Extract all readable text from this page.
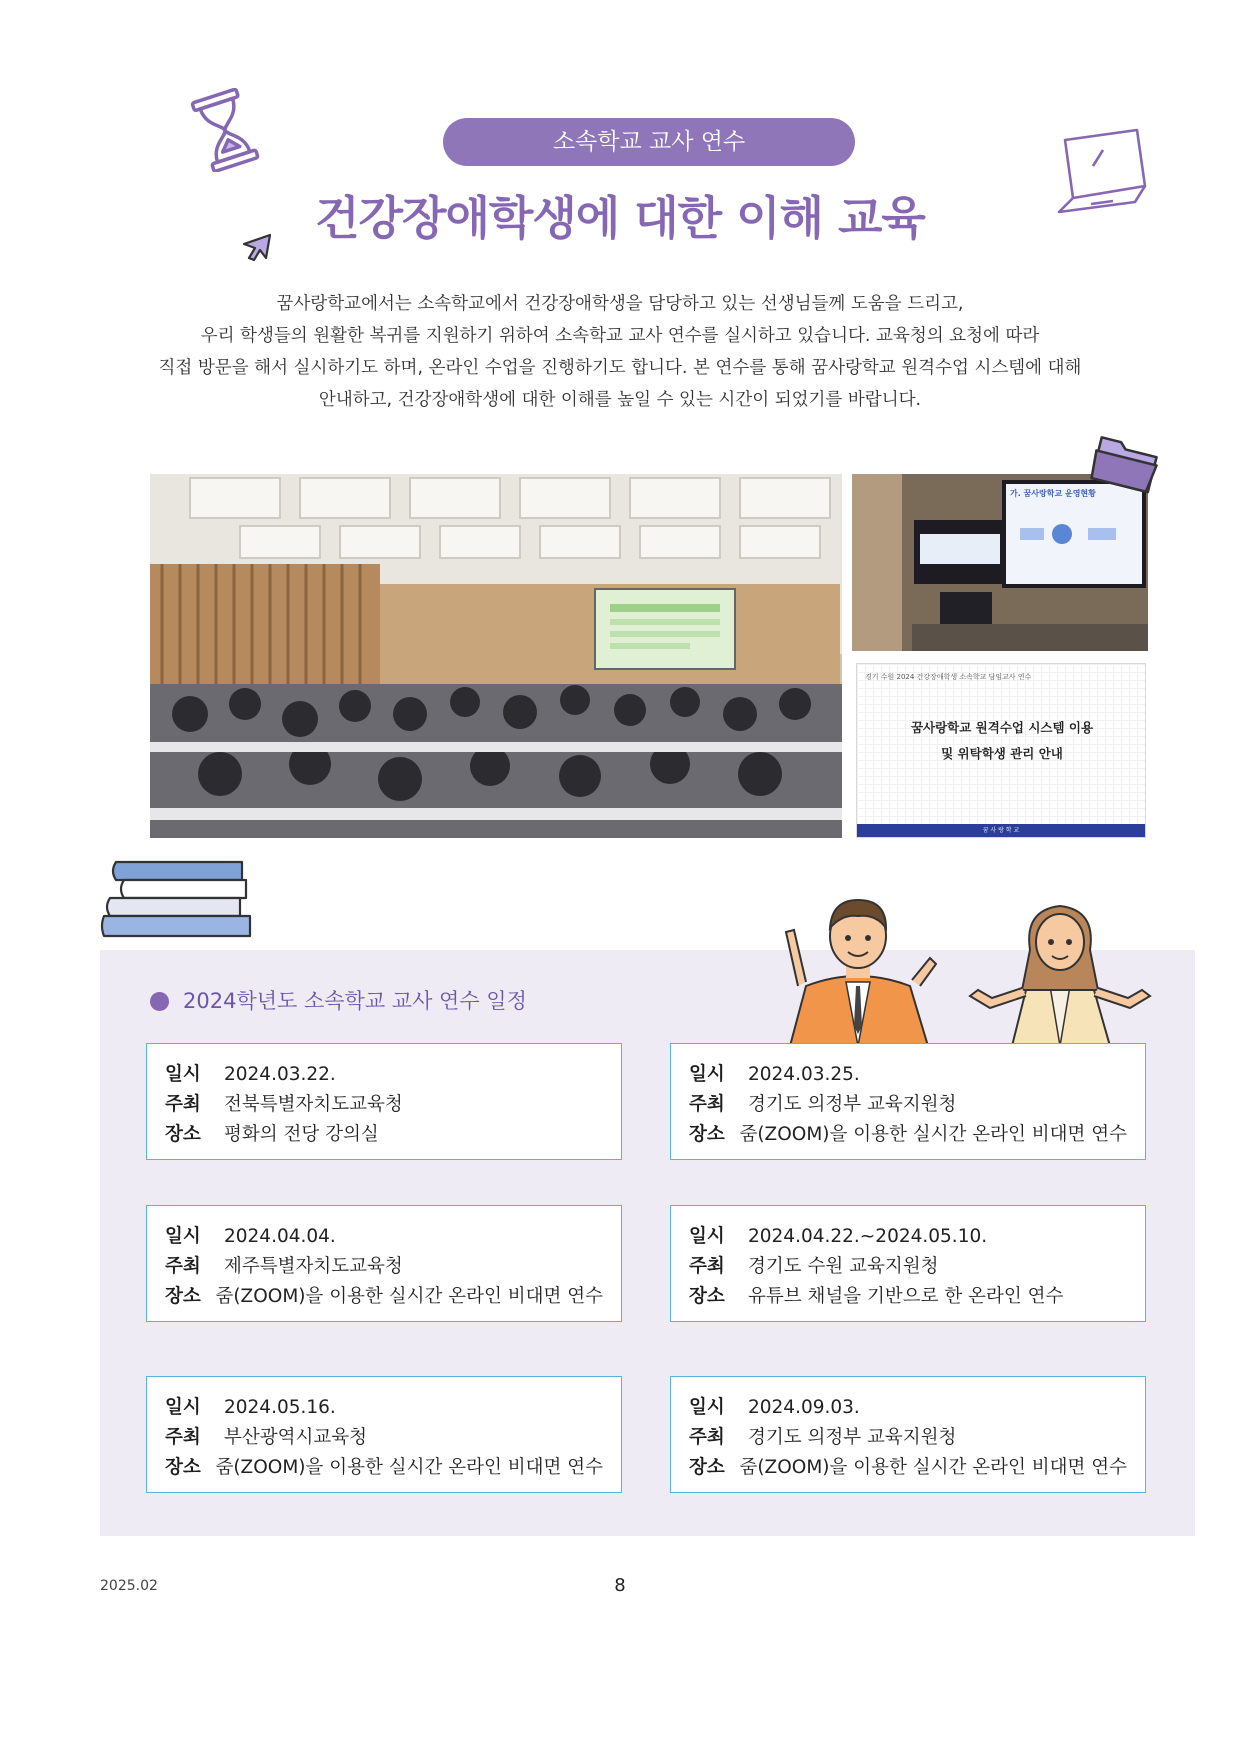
소속학교 교사 연수
건강장애학생에 대한 이해 교육

꿈사랑학교에서는 소속학교에서 건강장애학생을 담당하고 있는 선생님들께 도움을 드리고,

우리 학생들의 원활한 복귀를 지원하기 위하여 소속학교 교사 연수를 실시하고 있습니다. 교육청의 요청에 따라

직접 방문을 해서 실시하기도 하며, 온라인 수업을 진행하기도 합니다. 본 연수를 통해 꿈사랑학교 원격수업 시스템에 대해

안내하고, 건강장애학생에 대한 이해를 높일 수 있는 시간이 되었기를 바랍니다.

가. 꿈사랑학교 운영현황
경기 수원 2024 건강장애학생 소속학교 담임교사 연수
꿈사랑학교 원격수업 시스템 이용
및 위탁학생 관리 안내
꿈 사 랑 학 교
2024학년도 소속학교 교사 연수 일정
일시	2024.03.22.
주최	전북특별자치도교육청
장소	평화의 전당 강의실
일시	2024.03.25.
주최	경기도 의정부 교육지원청
장소 줌(ZOOM)을 이용한 실시간 온라인 비대면 연수
일시	2024.04.04.
주최	제주특별자치도교육청
장소 줌(ZOOM)을 이용한 실시간 온라인 비대면 연수
일시	2024.04.22.~2024.05.10.
주최	경기도 수원 교육지원청
장소	유튜브 채널을 기반으로 한 온라인 연수
일시	2024.05.16.
주최	부산광역시교육청
장소 줌(ZOOM)을 이용한 실시간 온라인 비대면 연수
일시	2024.09.03.
주최	경기도 의정부 교육지원청
장소 줌(ZOOM)을 이용한 실시간 온라인 비대면 연수
2025.02	8
